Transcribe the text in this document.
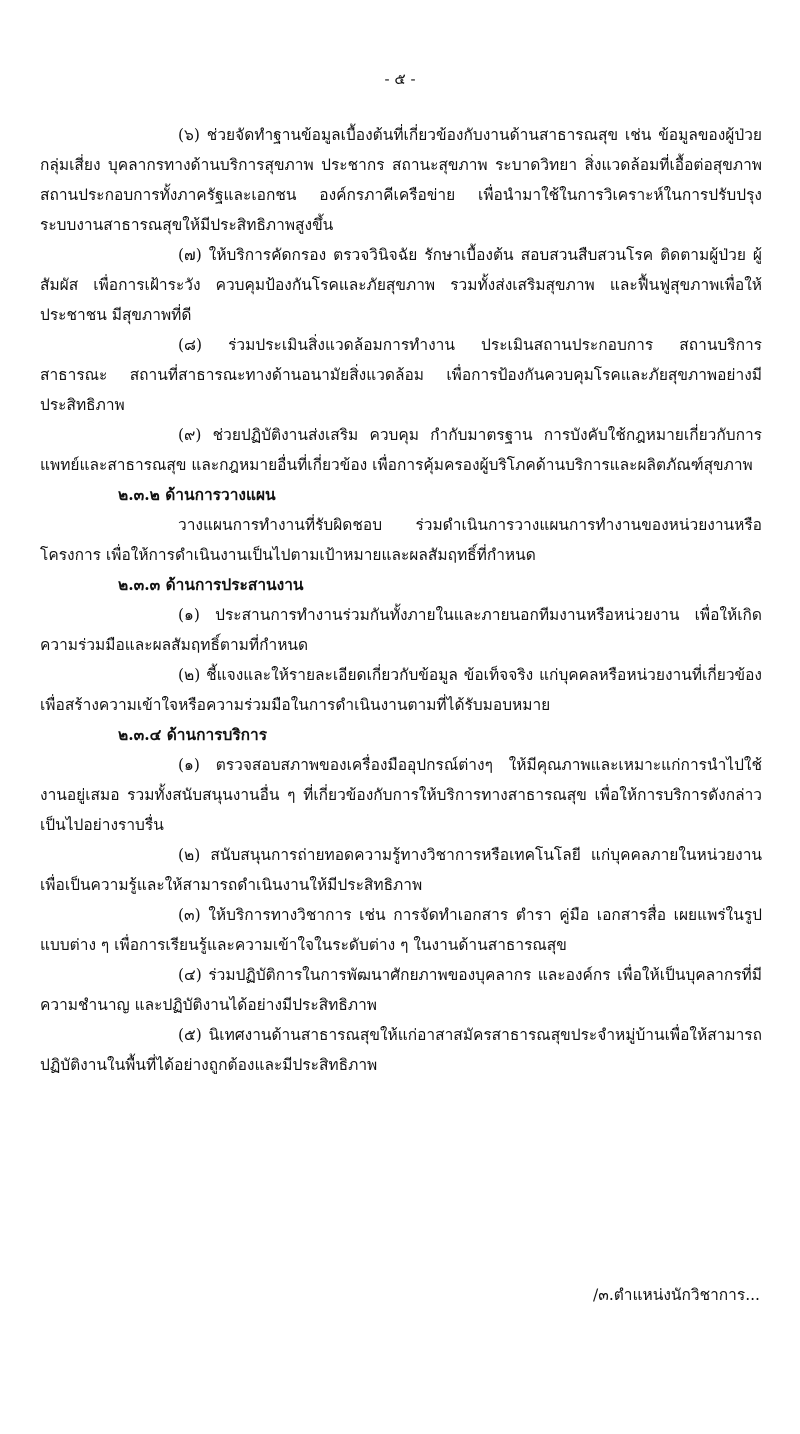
- ๕ -

(๖) ช่วยจัดทำฐานข้อมูลเบื้องต้นที่เกี่ยวข้องกับงานด้านสาธารณสุข เช่น ข้อมูลของผู้ป่วยกลุ่มเสี่ยง บุคลากรทางด้านบริการสุขภาพ ประชากร สถานะสุขภาพ ระบาดวิทยา สิ่งแวดล้อมที่เอื้อต่อสุขภาพ สถานประกอบการทั้งภาครัฐและเอกชน องค์กรภาคีเครือข่าย เพื่อนำมาใช้ในการวิเคราะห์ในการปรับปรุงระบบงานสาธารณสุขให้มีประสิทธิภาพสูงขึ้น

(๗) ให้บริการคัดกรอง ตรวจวินิจฉัย รักษาเบื้องต้น สอบสวนสืบสวนโรค ติดตามผู้ป่วย ผู้สัมผัส เพื่อการเฝ้าระวัง ควบคุมป้องกันโรคและภัยสุขภาพ รวมทั้งส่งเสริมสุขภาพ และฟื้นฟูสุขภาพเพื่อให้ประชาชน มีสุขภาพที่ดี

(๘) ร่วมประเมินสิ่งแวดล้อมการทำงาน ประเมินสถานประกอบการ สถานบริการสาธารณะ สถานที่สาธารณะทางด้านอนามัยสิ่งแวดล้อม เพื่อการป้องกันควบคุมโรคและภัยสุขภาพอย่างมีประสิทธิภาพ

(๙) ช่วยปฏิบัติงานส่งเสริม ควบคุม กำกับมาตรฐาน การบังคับใช้กฎหมายเกี่ยวกับการแพทย์และสาธารณสุข และกฎหมายอื่นที่เกี่ยวข้อง เพื่อการคุ้มครองผู้บริโภคด้านบริการและผลิตภัณฑ์สุขภาพ

๒.๓.๒ ด้านการวางแผน

วางแผนการทำงานที่รับผิดชอบ ร่วมดำเนินการวางแผนการทำงานของหน่วยงานหรือโครงการ เพื่อให้การดำเนินงานเป็นไปตามเป้าหมายและผลสัมฤทธิ์ที่กำหนด

๒.๓.๓ ด้านการประสานงาน

(๑) ประสานการทำงานร่วมกันทั้งภายในและภายนอกทีมงานหรือหน่วยงาน เพื่อให้เกิดความร่วมมือและผลสัมฤทธิ์ตามที่กำหนด

(๒) ชี้แจงและให้รายละเอียดเกี่ยวกับข้อมูล ข้อเท็จจริง แก่บุคคลหรือหน่วยงานที่เกี่ยวข้อง เพื่อสร้างความเข้าใจหรือความร่วมมือในการดำเนินงานตามที่ได้รับมอบหมาย

๒.๓.๔ ด้านการบริการ

(๑) ตรวจสอบสภาพของเครื่องมืออุปกรณ์ต่างๆ ให้มีคุณภาพและเหมาะแก่การนำไปใช้งานอยู่เสมอ รวมทั้งสนับสนุนงานอื่น ๆ ที่เกี่ยวข้องกับการให้บริการทางสาธารณสุข เพื่อให้การบริการดังกล่าวเป็นไปอย่างราบรื่น

(๒) สนับสนุนการถ่ายทอดความรู้ทางวิชาการหรือเทคโนโลยี แก่บุคคลภายในหน่วยงานเพื่อเป็นความรู้และให้สามารถดำเนินงานให้มีประสิทธิภาพ

(๓) ให้บริการทางวิชาการ เช่น การจัดทำเอกสาร ตำรา คู่มือ เอกสารสื่อ เผยแพร่ในรูปแบบต่าง ๆ เพื่อการเรียนรู้และความเข้าใจในระดับต่าง ๆ ในงานด้านสาธารณสุข

(๔) ร่วมปฏิบัติการในการพัฒนาศักยภาพของบุคลากร และองค์กร เพื่อให้เป็นบุคลากรที่มีความชำนาญ และปฏิบัติงานได้อย่างมีประสิทธิภาพ

(๕) นิเทศงานด้านสาธารณสุขให้แก่อาสาสมัครสาธารณสุขประจำหมู่บ้านเพื่อให้สามารถปฏิบัติงานในพื้นที่ได้อย่างถูกต้องและมีประสิทธิภาพ

/๓.ตำแหน่งนักวิชาการ...
